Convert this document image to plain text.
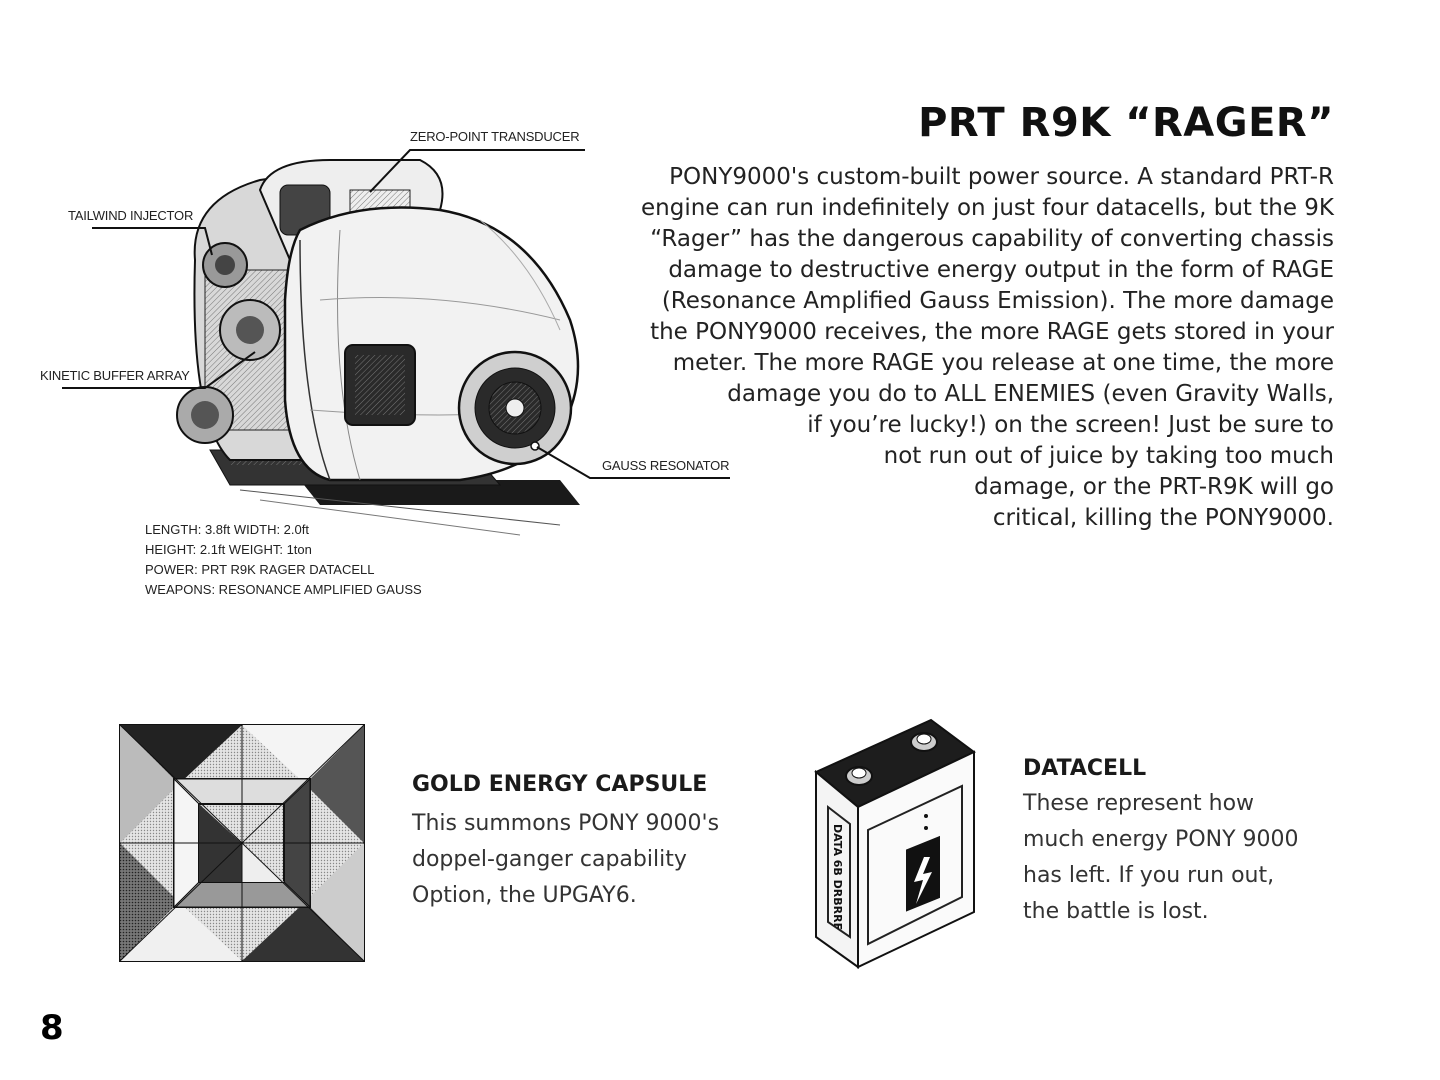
PRT R9K “RAGER”
PONY9000's custom-built power source. A standard PRT-R
engine can run indefinitely on just four datacells, but the 9K
“Rager” has the dangerous capability of converting chassis
damage to destructive energy output in the form of RAGE
(Resonance Amplified Gauss Emission). The more damage
the PONY9000 receives, the more RAGE gets stored in your
meter. The more RAGE you release at one time, the more
damage you do to ALL ENEMIES (even Gravity Walls,
if you’re lucky!) on the screen! Just be sure to
not run out of juice by taking too much
damage, or the PRT-R9K will go
critical, killing the PONY9000.
ZERO-POINT TRANSDUCER
TAILWIND INJECTOR
KINETIC BUFFER ARRAY
GAUSS RESONATOR
LENGTH: 3.8ft WIDTH: 2.0ft
HEIGHT: 2.1ft WEIGHT: 1ton
POWER: PRT R9K RAGER DATACELL
WEAPONS: RESONANCE AMPLIFIED GAUSS
GOLD ENERGY CAPSULE
This summons PONY 9000's
doppel-ganger capability
Option, the UPGAY6.	DATA 6B DRBRRF
DATACELL
These represent how
much energy PONY 9000
has left. If you run out,
the battle is lost.
8
